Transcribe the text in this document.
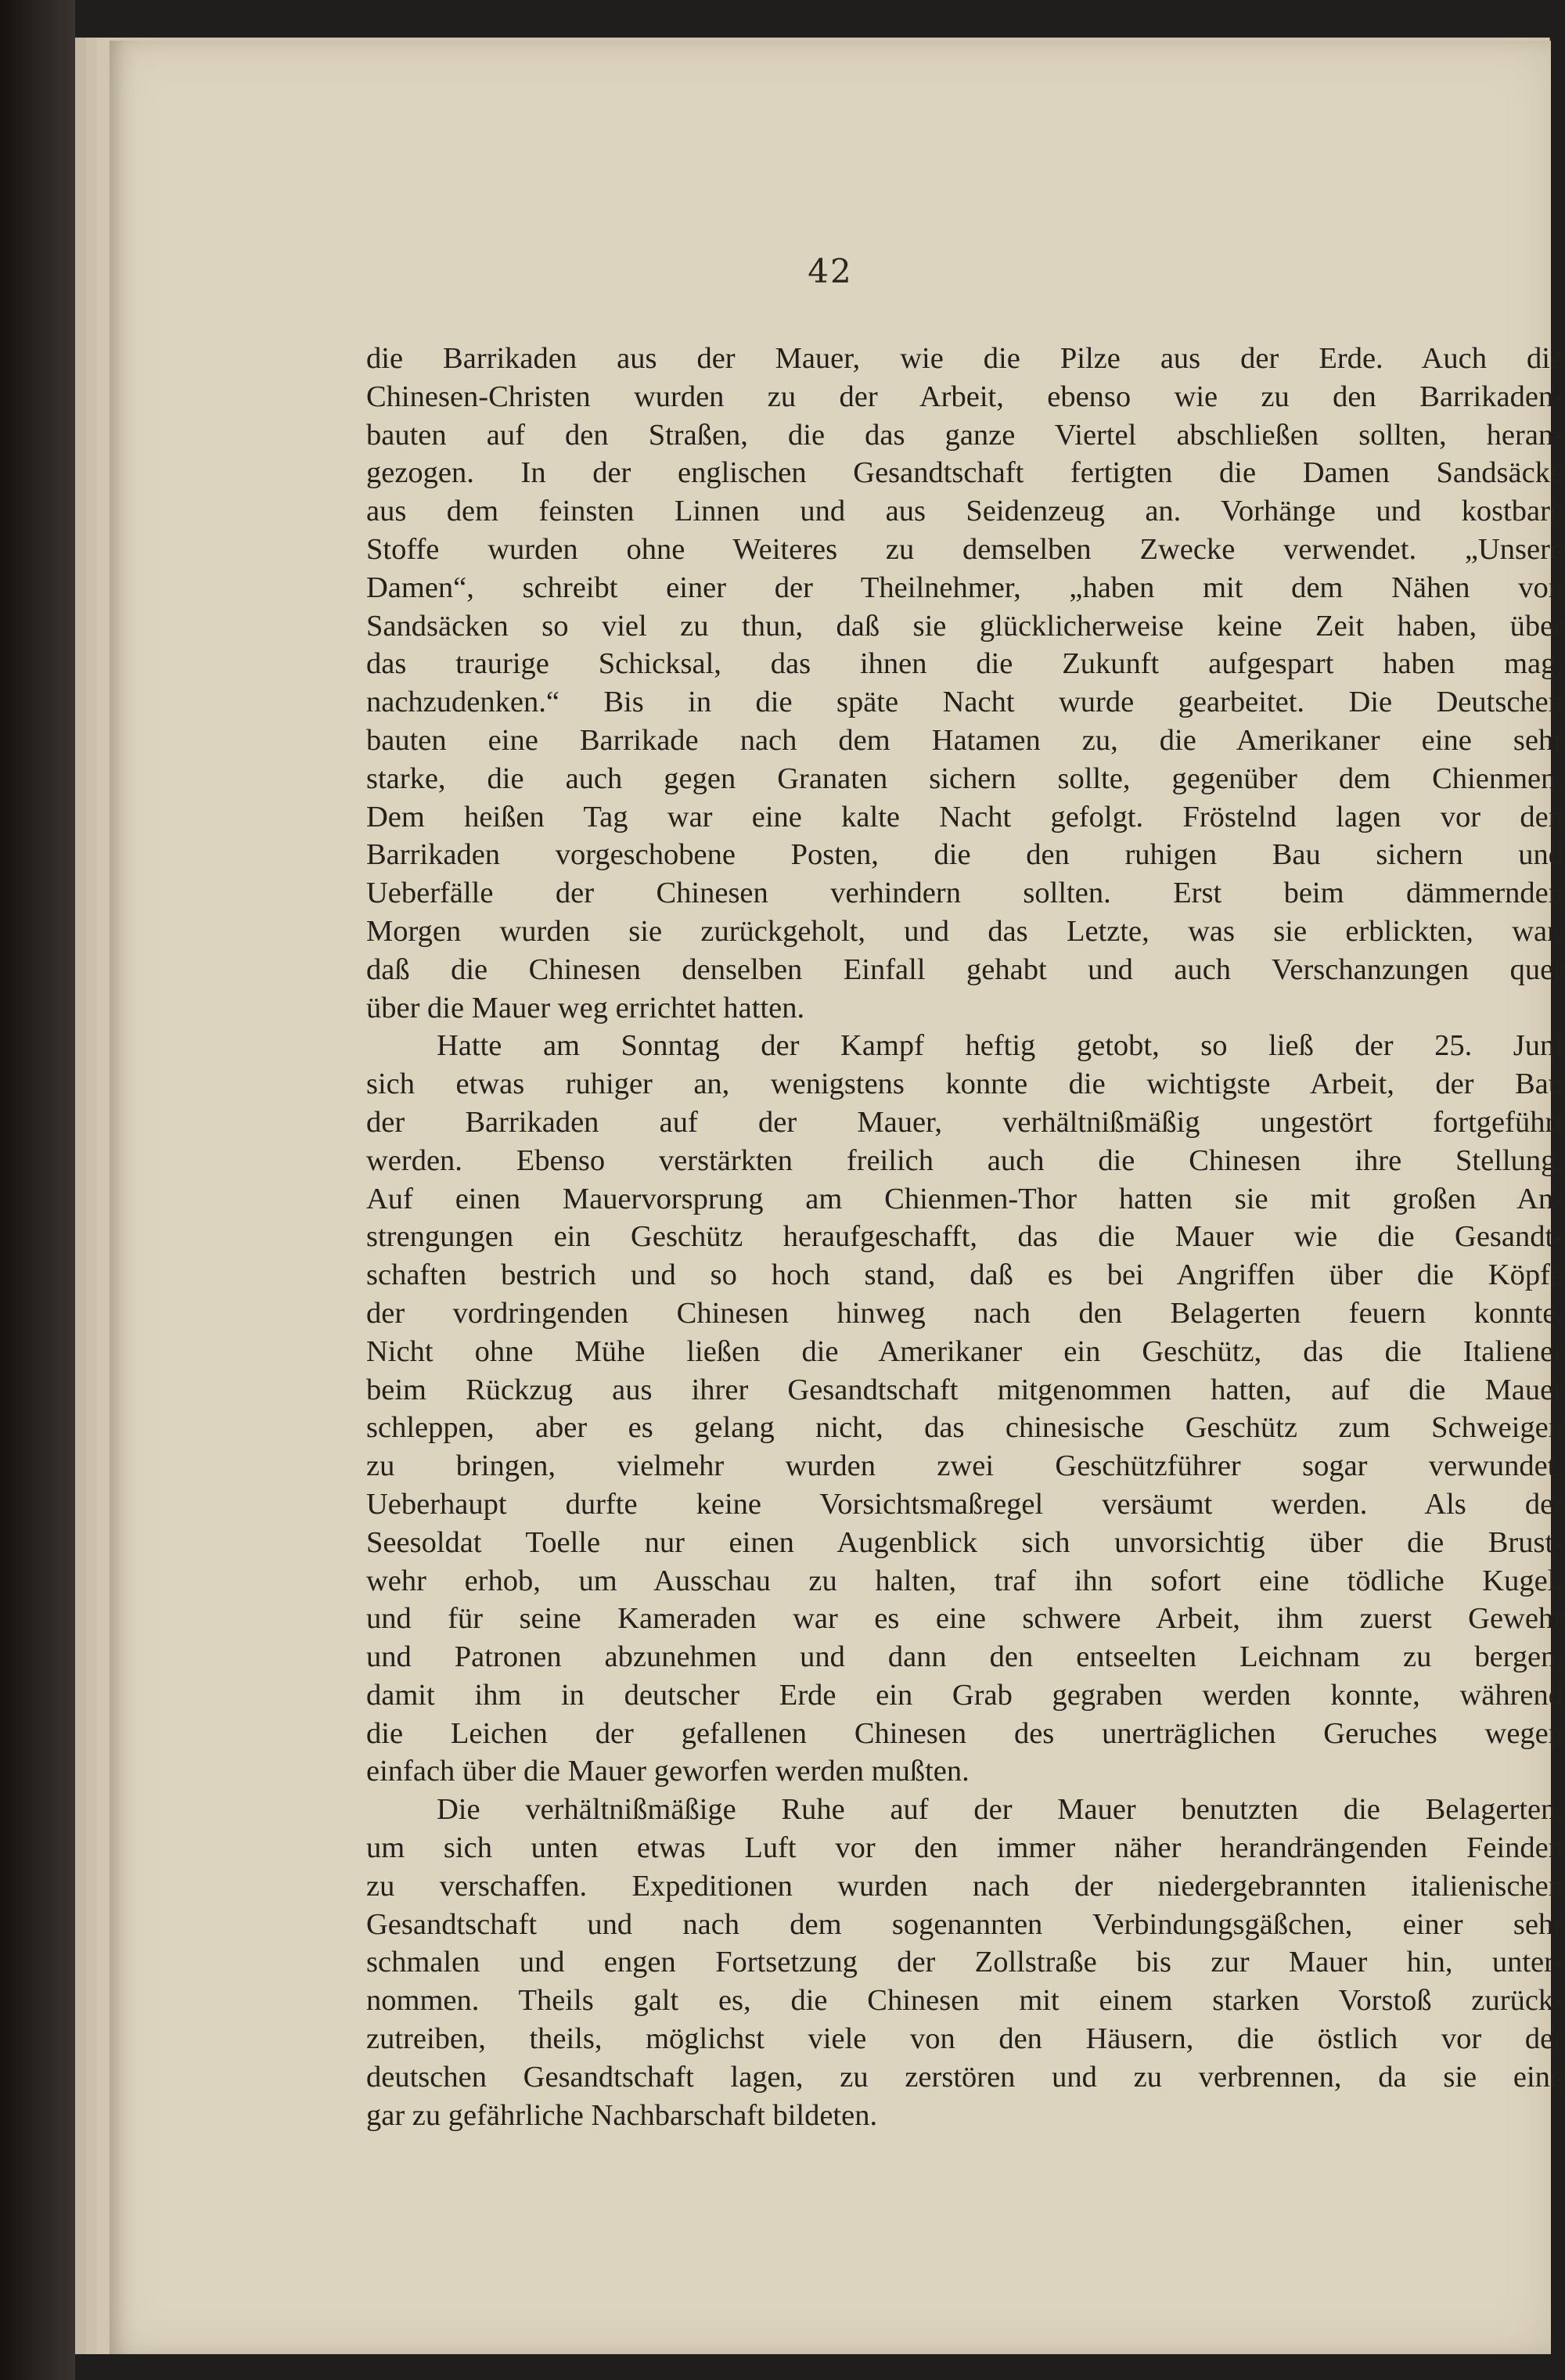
42
die Barrikaden aus der Mauer, wie die Pilze aus der Erde. Auch die
Chinesen-Christen wurden zu der Arbeit, ebenso wie zu den Barrikaden-
bauten auf den Straßen, die das ganze Viertel abschließen sollten, heran-
gezogen. In der englischen Gesandtschaft fertigten die Damen Sandsäcke
aus dem feinsten Linnen und aus Seidenzeug an. Vorhänge und kostbare
Stoffe wurden ohne Weiteres zu demselben Zwecke verwendet. „Unsere
Damen“, schreibt einer der Theilnehmer, „haben mit dem Nähen von
Sandsäcken so viel zu thun, daß sie glücklicherweise keine Zeit haben, über
das traurige Schicksal, das ihnen die Zukunft aufgespart haben mag,
nachzudenken.“ Bis in die späte Nacht wurde gearbeitet. Die Deutschen
bauten eine Barrikade nach dem Hatamen zu, die Amerikaner eine sehr
starke, die auch gegen Granaten sichern sollte, gegenüber dem Chienmen.
Dem heißen Tag war eine kalte Nacht gefolgt. Fröstelnd lagen vor den
Barrikaden vorgeschobene Posten, die den ruhigen Bau sichern und
Ueberfälle der Chinesen verhindern sollten. Erst beim dämmernden
Morgen wurden sie zurückgeholt, und das Letzte, was sie erblickten, war,
daß die Chinesen denselben Einfall gehabt und auch Verschanzungen quer
über die Mauer weg errichtet hatten.
Hatte am Sonntag der Kampf heftig getobt, so ließ der 25. Juni
sich etwas ruhiger an, wenigstens konnte die wichtigste Arbeit, der Bau
der Barrikaden auf der Mauer, verhältnißmäßig ungestört fortgeführt
werden. Ebenso verstärkten freilich auch die Chinesen ihre Stellung.
Auf einen Mauervorsprung am Chienmen-Thor hatten sie mit großen An-
strengungen ein Geschütz heraufgeschafft, das die Mauer wie die Gesandt-
schaften bestrich und so hoch stand, daß es bei Angriffen über die Köpfe
der vordringenden Chinesen hinweg nach den Belagerten feuern konnte.
Nicht ohne Mühe ließen die Amerikaner ein Geschütz, das die Italiener
beim Rückzug aus ihrer Gesandtschaft mitgenommen hatten, auf die Mauer
schleppen, aber es gelang nicht, das chinesische Geschütz zum Schweigen
zu bringen, vielmehr wurden zwei Geschützführer sogar verwundet.
Ueberhaupt durfte keine Vorsichtsmaßregel versäumt werden. Als der
Seesoldat Toelle nur einen Augenblick sich unvorsichtig über die Brust-
wehr erhob, um Ausschau zu halten, traf ihn sofort eine tödliche Kugel,
und für seine Kameraden war es eine schwere Arbeit, ihm zuerst Gewehr
und Patronen abzunehmen und dann den entseelten Leichnam zu bergen,
damit ihm in deutscher Erde ein Grab gegraben werden konnte, während
die Leichen der gefallenen Chinesen des unerträglichen Geruches wegen
einfach über die Mauer geworfen werden mußten.
Die verhältnißmäßige Ruhe auf der Mauer benutzten die Belagerten,
um sich unten etwas Luft vor den immer näher herandrängenden Feinden
zu verschaffen. Expeditionen wurden nach der niedergebrannten italienischen
Gesandtschaft und nach dem sogenannten Verbindungsgäßchen, einer sehr
schmalen und engen Fortsetzung der Zollstraße bis zur Mauer hin, unter-
nommen. Theils galt es, die Chinesen mit einem starken Vorstoß zurück-
zutreiben, theils, möglichst viele von den Häusern, die östlich vor der
deutschen Gesandtschaft lagen, zu zerstören und zu verbrennen, da sie eine
gar zu gefährliche Nachbarschaft bildeten.
